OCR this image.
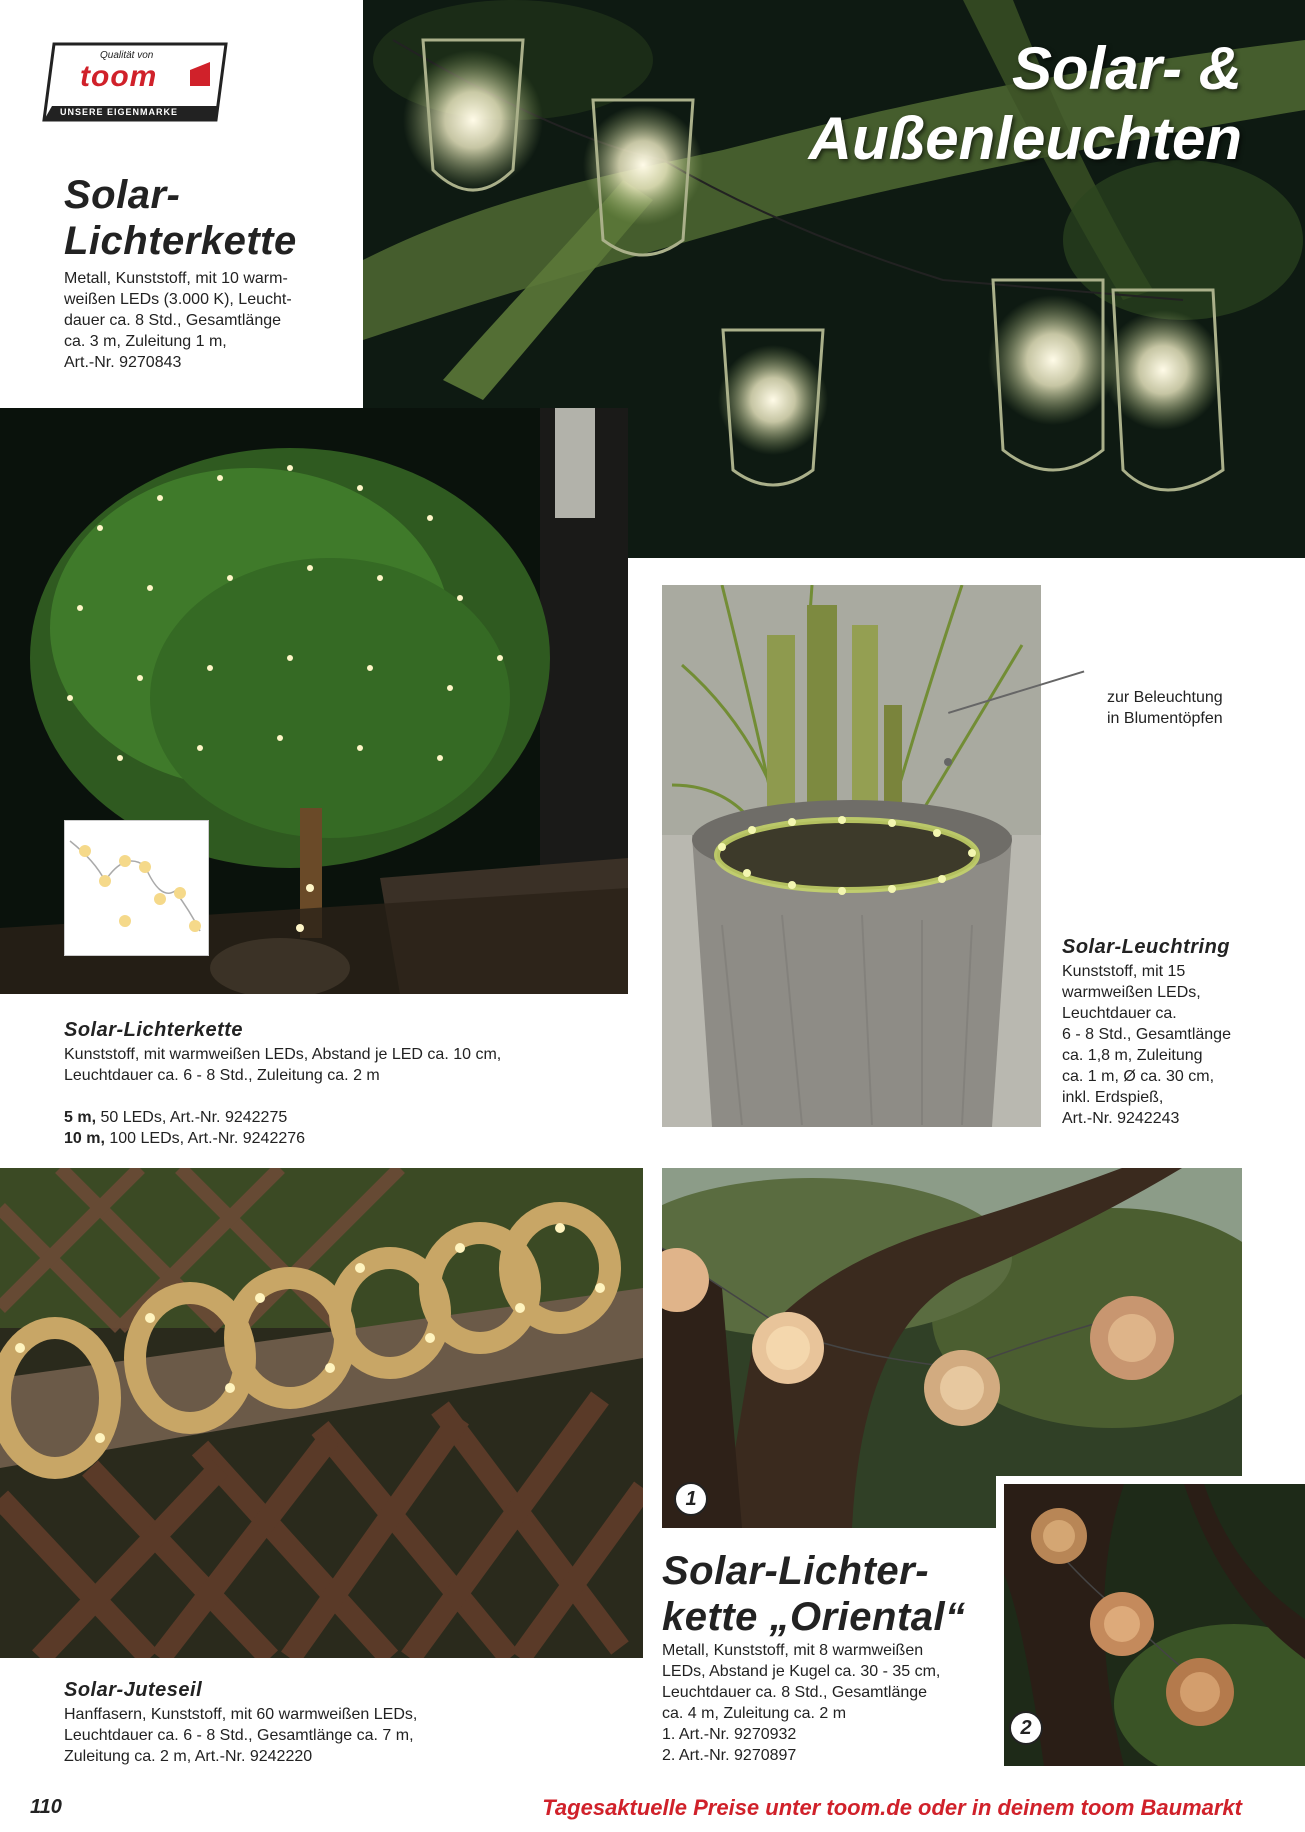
Qualität von
toom
UNSERE EIGENMARKE
Solar-
Lichterkette
Metall, Kunststoff, mit 10 warm-
weißen LEDs (3.000 K), Leucht-
dauer ca. 8 Std., Gesamtlänge
ca. 3 m, Zuleitung 1 m,
Art.-Nr. 9270843
Solar- &
Außenleuchten
Solar-Lichterkette
Kunststoff, mit warmweißen LEDs, Abstand je LED ca. 10 cm,
Leuchtdauer ca. 6 - 8 Std., Zuleitung ca. 2 m

5 m, 50 LEDs, Art.-Nr. 9242275

10 m, 100 LEDs, Art.-Nr. 9242276

zur Beleuchtung
in Blumentöpfen
Solar-Leuchtring
Kunststoff, mit 15
warmweißen LEDs,
Leuchtdauer ca.
6 - 8 Std., Gesamtlänge
ca. 1,8 m, Zuleitung
ca. 1 m, Ø ca. 30 cm,
inkl. Erdspieß,
Art.-Nr. 9242243
Solar-Juteseil
Hanffasern, Kunststoff, mit 60 warmweißen LEDs,
Leuchtdauer ca. 6 - 8 Std., Gesamtlänge ca. 7 m,
Zuleitung ca. 2 m, Art.-Nr. 9242220
1
2
Solar-Lichter-
kette „Oriental“
Metall, Kunststoff, mit 8 warmweißen
LEDs, Abstand je Kugel ca. 30 - 35 cm,
Leuchtdauer ca. 8 Std., Gesamtlänge
ca. 4 m, Zuleitung ca. 2 m
1. Art.-Nr. 9270932
2. Art.-Nr. 9270897
110	Tagesaktuelle Preise unter toom.de oder in deinem toom Baumarkt
